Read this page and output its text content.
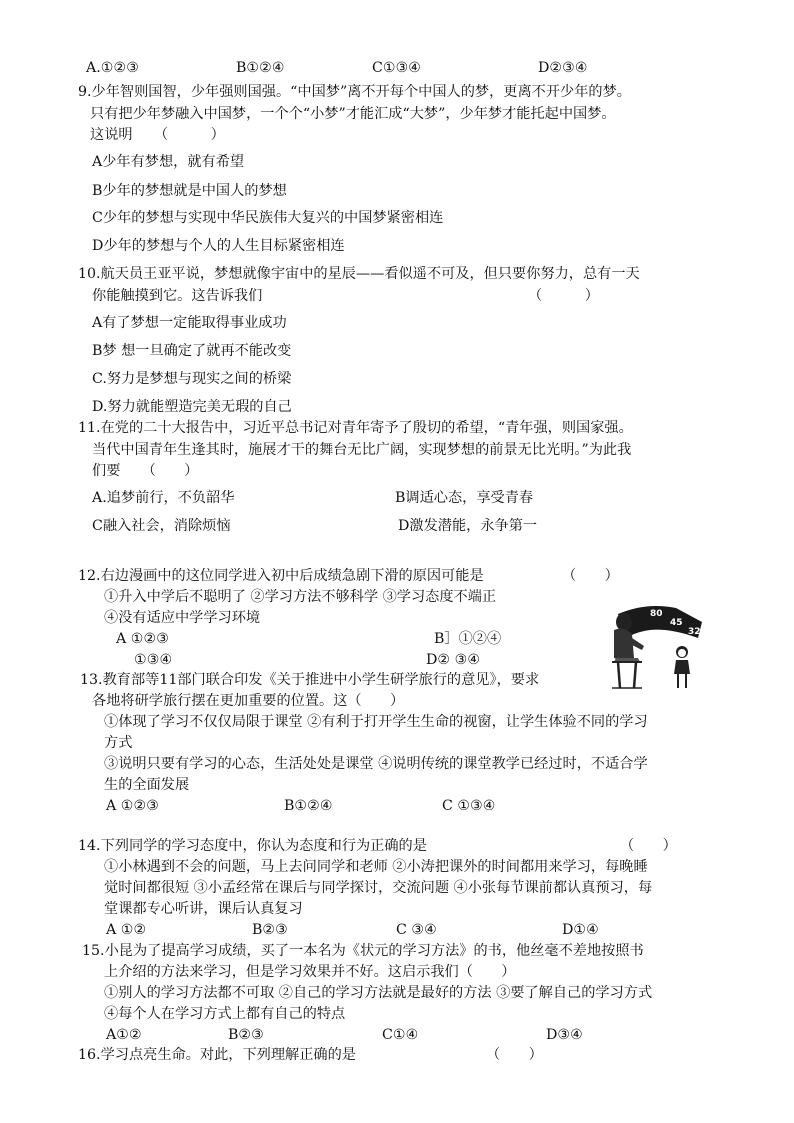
A.①②③	B①②④	C①③④	D②③④
9.少年智则国智，少年强则国强。“中国梦”离不开每个中国人的梦，更离不开少年的梦。
只有把少年梦融入中国梦，一个个“小梦”才能汇成“大梦”，少年梦才能托起中国梦。
这说明　　（　　　）
A少年有梦想，就有希望
B少年的梦想就是中国人的梦想
C少年的梦想与实现中华民族伟大复兴的中国梦紧密相连
D少年的梦想与个人的人生目标紧密相连
10.航天员王亚平说，梦想就像宇宙中的星辰——看似遥不可及，但只要你努力，总有一天
你能触摸到它。这告诉我们	（　　　）
A有了梦想一定能取得事业成功
B梦 想一旦确定了就再不能改变
C.努力是梦想与现实之间的桥梁
D.努力就能塑造完美无瑕的自己
11.在党的二十大报告中，习近平总书记对青年寄予了殷切的希望，“青年强，则国家强。
当代中国青年生逢其时，施展才干的舞台无比广阔，实现梦想的前景无比光明。”为此我
们要　　（　　）
A.追梦前行，不负韶华	B调适心态，享受青春
C融入社会，消除烦恼	D激发潜能，永争第一
12.右边漫画中的这位同学进入初中后成绩急剧下滑的原因可能是	（　　）
①升入中学后不聪明了 ②学习方法不够科学 ③学习态度不端正
④没有适应中学学习环境
A ①②③	B］①②④
①③④	D② ③④
80
45
32
13.教育部等11部门联合印发《关于推进中小学生研学旅行的意见》，要求
各地将研学旅行摆在更加重要的位置。这（　　）
①体现了学习不仅仅局限于课堂 ②有利于打开学生生命的视窗，让学生体验不同的学习
方式
③说明只要有学习的心态，生活处处是课堂 ④说明传统的课堂教学已经过时，不适合学
生的全面发展
A ①②③	B①②④	C ①③④
14.下列同学的学习态度中，你认为态度和行为正确的是	（　　）
①小林遇到不会的问题，马上去问同学和老师 ②小涛把课外的时间都用来学习，每晚睡
觉时间都很短 ③小孟经常在课后与同学探讨，交流问题 ④小张每节课前都认真预习，每
堂课都专心听讲，课后认真复习
A ①②	B②③	C ③④	D①④
15.小昆为了提高学习成绩，买了一本名为《状元的学习方法》的书，他丝毫不差地按照书
上介绍的方法来学习，但是学习效果并不好。这启示我们（　　）
①别人的学习方法都不可取 ②自己的学习方法就是最好的方法 ③要了解自己的学习方式
④每个人在学习方式上都有自己的特点
A①②	B②③	C①④	D③④
16.学习点亮生命。对此，下列理解正确的是	（　　）
